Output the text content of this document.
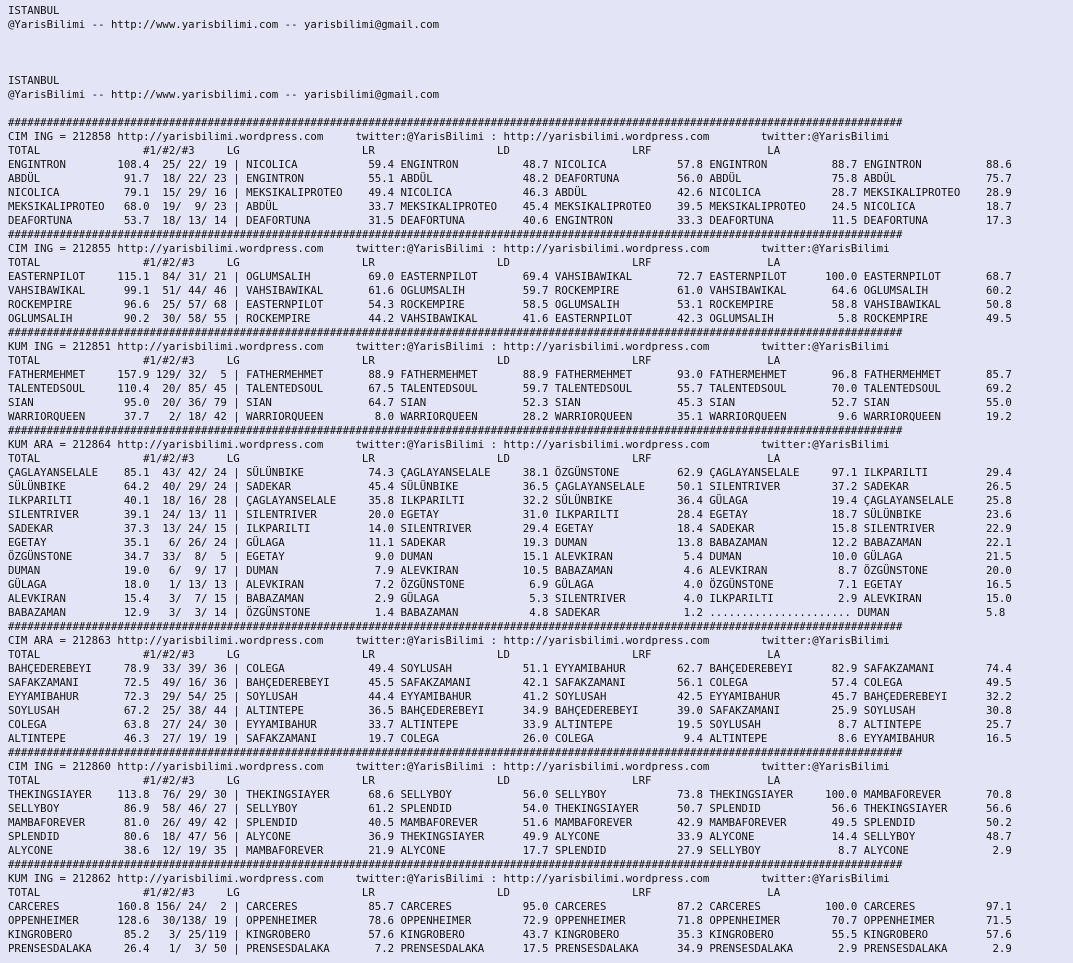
ISTANBUL
@YarisBilimi -- http://www.yarisbilimi.com -- yarisbilimi@gmail.com
ISTANBUL
@YarisBilimi -- http://www.yarisbilimi.com -- yarisbilimi@gmail.com
###########################################################################################################################################
CIM ING = 212858 http://yarisbilimi.wordpress.com     twitter:@YarisBilimi : http://yarisbilimi.wordpress.com        twitter:@YarisBilimi
TOTAL                #1/#2/#3     LG                   LR                   LD                   LRF                  LA
ENGINTRON        108.4  25/ 22/ 19 | NICOLICA           59.4 ENGINTRON          48.7 NICOLICA           57.8 ENGINTRON          88.7 ENGINTRON          88.6
ABDÜL             91.7  18/ 22/ 23 | ENGINTRON          55.1 ABDÜL              48.2 DEAFORTUNA         56.0 ABDÜL              75.8 ABDÜL              75.7
NICOLICA          79.1  15/ 29/ 16 | MEKSIKALIPROTEO    49.4 NICOLICA           46.3 ABDÜL              42.6 NICOLICA           28.7 MEKSIKALIPROTEO    28.9
MEKSIKALIPROTEO   68.0  19/  9/ 23 | ABDÜL              33.7 MEKSIKALIPROTEO    45.4 MEKSIKALIPROTEO    39.5 MEKSIKALIPROTEO    24.5 NICOLICA           18.7
DEAFORTUNA        53.7  18/ 13/ 14 | DEAFORTUNA         31.5 DEAFORTUNA         40.6 ENGINTRON          33.3 DEAFORTUNA         11.5 DEAFORTUNA         17.3
###########################################################################################################################################
CIM ING = 212855 http://yarisbilimi.wordpress.com     twitter:@YarisBilimi : http://yarisbilimi.wordpress.com        twitter:@YarisBilimi
TOTAL                #1/#2/#3     LG                   LR                   LD                   LRF                  LA
EASTERNPILOT     115.1  84/ 31/ 21 | OGLUMSALIH         69.0 EASTERNPILOT       69.4 VAHSIBAWIKAL       72.7 EASTERNPILOT      100.0 EASTERNPILOT       68.7
VAHSIBAWIKAL      99.1  51/ 44/ 46 | VAHSIBAWIKAL       61.6 OGLUMSALIH         59.7 ROCKEMPIRE         61.0 VAHSIBAWIKAL       64.6 OGLUMSALIH         60.2
ROCKEMPIRE        96.6  25/ 57/ 68 | EASTERNPILOT       54.3 ROCKEMPIRE         58.5 OGLUMSALIH         53.1 ROCKEMPIRE         58.8 VAHSIBAWIKAL       50.8
OGLUMSALIH        90.2  30/ 58/ 55 | ROCKEMPIRE         44.2 VAHSIBAWIKAL       41.6 EASTERNPILOT       42.3 OGLUMSALIH          5.8 ROCKEMPIRE         49.5
###########################################################################################################################################
KUM ING = 212851 http://yarisbilimi.wordpress.com     twitter:@YarisBilimi : http://yarisbilimi.wordpress.com        twitter:@YarisBilimi
TOTAL                #1/#2/#3     LG                   LR                   LD                   LRF                  LA
FATHERMEHMET     157.9 129/ 32/  5 | FATHERMEHMET       88.9 FATHERMEHMET       88.9 FATHERMEHMET       93.0 FATHERMEHMET       96.8 FATHERMEHMET       85.7
TALENTEDSOUL     110.4  20/ 85/ 45 | TALENTEDSOUL       67.5 TALENTEDSOUL       59.7 TALENTEDSOUL       55.7 TALENTEDSOUL       70.0 TALENTEDSOUL       69.2
SIAN              95.0  20/ 36/ 79 | SIAN               64.7 SIAN               52.3 SIAN               45.3 SIAN               52.7 SIAN               55.0
WARRIORQUEEN      37.7   2/ 18/ 42 | WARRIORQUEEN        8.0 WARRIORQUEEN       28.2 WARRIORQUEEN       35.1 WARRIORQUEEN        9.6 WARRIORQUEEN       19.2
###########################################################################################################################################
KUM ARA = 212864 http://yarisbilimi.wordpress.com     twitter:@YarisBilimi : http://yarisbilimi.wordpress.com        twitter:@YarisBilimi
TOTAL                #1/#2/#3     LG                   LR                   LD                   LRF                  LA
ÇAGLAYANSELALE    85.1  43/ 42/ 24 | SÜLÜNBIKE          74.3 ÇAGLAYANSELALE     38.1 ÖZGÜNSTONE         62.9 ÇAGLAYANSELALE     97.1 ILKPARILTI         29.4
SÜLÜNBIKE         64.2  40/ 29/ 24 | SADEKAR            45.4 SÜLÜNBIKE          36.5 ÇAGLAYANSELALE     50.1 SILENTRIVER        37.2 SADEKAR            26.5
ILKPARILTI        40.1  18/ 16/ 28 | ÇAGLAYANSELALE     35.8 ILKPARILTI         32.2 SÜLÜNBIKE          36.4 GÜLAGA             19.4 ÇAGLAYANSELALE     25.8
SILENTRIVER       39.1  24/ 13/ 11 | SILENTRIVER        20.0 EGETAY             31.0 ILKPARILTI         28.4 EGETAY             18.7 SÜLÜNBIKE          23.6
SADEKAR           37.3  13/ 24/ 15 | ILKPARILTI         14.0 SILENTRIVER        29.4 EGETAY             18.4 SADEKAR            15.8 SILENTRIVER        22.9
EGETAY            35.1   6/ 26/ 24 | GÜLAGA             11.1 SADEKAR            19.3 DUMAN              13.8 BABAZAMAN          12.2 BABAZAMAN          22.1
ÖZGÜNSTONE        34.7  33/  8/  5 | EGETAY              9.0 DUMAN              15.1 ALEVKIRAN           5.4 DUMAN              10.0 GÜLAGA             21.5
DUMAN             19.0   6/  9/ 17 | DUMAN               7.9 ALEVKIRAN          10.5 BABAZAMAN           4.6 ALEVKIRAN           8.7 ÖZGÜNSTONE         20.0
GÜLAGA            18.0   1/ 13/ 13 | ALEVKIRAN           7.2 ÖZGÜNSTONE          6.9 GÜLAGA              4.0 ÖZGÜNSTONE          7.1 EGETAY             16.5
ALEVKIRAN         15.4   3/  7/ 15 | BABAZAMAN           2.9 GÜLAGA              5.3 SILENTRIVER         4.0 ILKPARILTI          2.9 ALEVKIRAN          15.0
BABAZAMAN         12.9   3/  3/ 14 | ÖZGÜNSTONE          1.4 BABAZAMAN           4.8 SADEKAR             1.2 ...................... DUMAN               5.8
###########################################################################################################################################
CIM ARA = 212863 http://yarisbilimi.wordpress.com     twitter:@YarisBilimi : http://yarisbilimi.wordpress.com        twitter:@YarisBilimi
TOTAL                #1/#2/#3     LG                   LR                   LD                   LRF                  LA
BAHÇEDEREBEYI     78.9  33/ 39/ 36 | COLEGA             49.4 SOYLUSAH           51.1 EYYAMIBAHUR        62.7 BAHÇEDEREBEYI      82.9 SAFAKZAMANI        74.4
SAFAKZAMANI       72.5  49/ 16/ 36 | BAHÇEDEREBEYI      45.5 SAFAKZAMANI        42.1 SAFAKZAMANI        56.1 COLEGA             57.4 COLEGA             49.5
EYYAMIBAHUR       72.3  29/ 54/ 25 | SOYLUSAH           44.4 EYYAMIBAHUR        41.2 SOYLUSAH           42.5 EYYAMIBAHUR        45.7 BAHÇEDEREBEYI      32.2
SOYLUSAH          67.2  25/ 38/ 44 | ALTINTEPE          36.5 BAHÇEDEREBEYI      34.9 BAHÇEDEREBEYI      39.0 SAFAKZAMANI        25.9 SOYLUSAH           30.8
COLEGA            63.8  27/ 24/ 30 | EYYAMIBAHUR        33.7 ALTINTEPE          33.9 ALTINTEPE          19.5 SOYLUSAH            8.7 ALTINTEPE          25.7
ALTINTEPE         46.3  27/ 19/ 19 | SAFAKZAMANI        19.7 COLEGA             26.0 COLEGA              9.4 ALTINTEPE           8.6 EYYAMIBAHUR        16.5
###########################################################################################################################################
CIM ING = 212860 http://yarisbilimi.wordpress.com     twitter:@YarisBilimi : http://yarisbilimi.wordpress.com        twitter:@YarisBilimi
TOTAL                #1/#2/#3     LG                   LR                   LD                   LRF                  LA
THEKINGSIAYER    113.8  76/ 29/ 30 | THEKINGSIAYER      68.6 SELLYBOY           56.0 SELLYBOY           73.8 THEKINGSIAYER     100.0 MAMBAFOREVER       70.8
SELLYBOY          86.9  58/ 46/ 27 | SELLYBOY           61.2 SPLENDID           54.0 THEKINGSIAYER      50.7 SPLENDID           56.6 THEKINGSIAYER      56.6
MAMBAFOREVER      81.0  26/ 49/ 42 | SPLENDID           40.5 MAMBAFOREVER       51.6 MAMBAFOREVER       42.9 MAMBAFOREVER       49.5 SPLENDID           50.2
SPLENDID          80.6  18/ 47/ 56 | ALYCONE            36.9 THEKINGSIAYER      49.9 ALYCONE            33.9 ALYCONE            14.4 SELLYBOY           48.7
ALYCONE           38.6  12/ 19/ 35 | MAMBAFOREVER       21.9 ALYCONE            17.7 SPLENDID           27.9 SELLYBOY            8.7 ALYCONE             2.9
###########################################################################################################################################
KUM ING = 212862 http://yarisbilimi.wordpress.com     twitter:@YarisBilimi : http://yarisbilimi.wordpress.com        twitter:@YarisBilimi
TOTAL                #1/#2/#3     LG                   LR                   LD                   LRF                  LA
CARCERES         160.8 156/ 24/  2 | CARCERES           85.7 CARCERES           95.0 CARCERES           87.2 CARCERES          100.0 CARCERES           97.1
OPPENHEIMER      128.6  30/138/ 19 | OPPENHEIMER        78.6 OPPENHEIMER        72.9 OPPENHEIMER        71.8 OPPENHEIMER        70.7 OPPENHEIMER        71.5
KINGROBERO        85.2   3/ 25/119 | KINGROBERO         57.6 KINGROBERO         43.7 KINGROBERO         35.3 KINGROBERO         55.5 KINGROBERO         57.6
PRENSESDALAKA     26.4   1/  3/ 50 | PRENSESDALAKA       7.2 PRENSESDALAKA      17.5 PRENSESDALAKA      34.9 PRENSESDALAKA       2.9 PRENSESDALAKA       2.9
